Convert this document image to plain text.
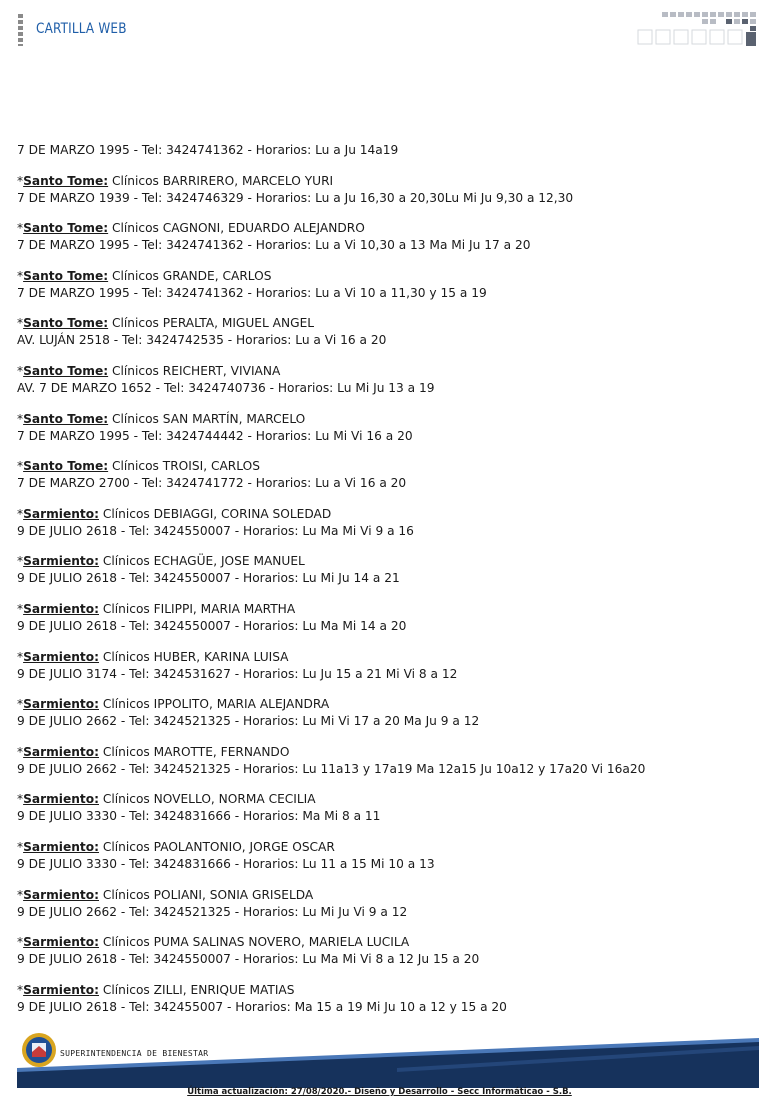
CARTILLA WEB
7 DE MARZO 1995 - Tel: 3424741362 - Horarios: Lu a Ju 14a19
*Santo Tome: Clínicos BARRIRERO, MARCELO YURI
7 DE MARZO 1939 - Tel: 3424746329 - Horarios: Lu a Ju 16,30 a 20,30Lu Mi Ju 9,30 a 12,30
*Santo Tome: Clínicos CAGNONI, EDUARDO ALEJANDRO
7 DE MARZO 1995 - Tel: 3424741362 - Horarios: Lu a Vi 10,30 a 13 Ma Mi Ju 17 a 20
*Santo Tome: Clínicos GRANDE, CARLOS
7 DE MARZO 1995 - Tel: 3424741362 - Horarios: Lu a Vi 10 a 11,30 y 15 a 19
*Santo Tome: Clínicos PERALTA, MIGUEL ANGEL
AV. LUJÁN 2518 - Tel: 3424742535 - Horarios: Lu a Vi 16 a 20
*Santo Tome: Clínicos REICHERT, VIVIANA
AV. 7 DE MARZO 1652 - Tel: 3424740736 - Horarios: Lu Mi Ju 13 a 19
*Santo Tome: Clínicos SAN MARTÍN, MARCELO
7 DE MARZO 1995 - Tel: 3424744442 - Horarios: Lu Mi Vi 16 a 20
*Santo Tome: Clínicos TROISI, CARLOS
7 DE MARZO 2700 - Tel: 3424741772 - Horarios: Lu a Vi 16 a 20
*Sarmiento: Clínicos DEBIAGGI, CORINA SOLEDAD
9 DE JULIO 2618 - Tel: 3424550007 - Horarios: Lu Ma Mi Vi 9 a 16
*Sarmiento: Clínicos ECHAGÜE, JOSE MANUEL
9 DE JULIO 2618 - Tel: 3424550007 - Horarios: Lu Mi Ju 14 a 21
*Sarmiento: Clínicos FILIPPI, MARIA MARTHA
9 DE JULIO 2618 - Tel: 3424550007 - Horarios: Lu Ma Mi 14 a 20
*Sarmiento: Clínicos HUBER, KARINA LUISA
9 DE JULIO 3174 - Tel: 3424531627 - Horarios: Lu Ju 15 a 21 Mi Vi 8 a 12
*Sarmiento: Clínicos IPPOLITO, MARIA ALEJANDRA
9 DE JULIO 2662 - Tel: 3424521325 - Horarios: Lu Mi Vi 17 a 20 Ma Ju 9 a 12
*Sarmiento: Clínicos MAROTTE, FERNANDO
9 DE JULIO 2662 - Tel: 3424521325 - Horarios: Lu 11a13 y 17a19 Ma 12a15 Ju 10a12 y 17a20 Vi 16a20
*Sarmiento: Clínicos NOVELLO, NORMA CECILIA
9 DE JULIO 3330 - Tel: 3424831666 - Horarios: Ma Mi 8 a 11
*Sarmiento: Clínicos PAOLANTONIO, JORGE OSCAR
9 DE JULIO 3330 - Tel: 3424831666 - Horarios: Lu 11 a 15 Mi 10 a 13
*Sarmiento: Clínicos POLIANI, SONIA GRISELDA
9 DE JULIO 2662 - Tel: 3424521325 - Horarios: Lu Mi Ju Vi 9 a 12
*Sarmiento: Clínicos PUMA SALINAS NOVERO, MARIELA LUCILA
9 DE JULIO 2618 - Tel: 3424550007 - Horarios: Lu Ma Mi Vi 8 a 12 Ju 15 a 20
*Sarmiento: Clínicos ZILLI, ENRIQUE MATIAS
9 DE JULIO 2618 - Tel: 342455007 - Horarios: Ma 15 a 19 Mi Ju 10 a 12 y 15 a 20
SUPERINTENDENCIA DE BIENESTAR
Última actualización: 27/08/2020.- Diseño y Desarrollo - Secc Informáticao - S.B.
